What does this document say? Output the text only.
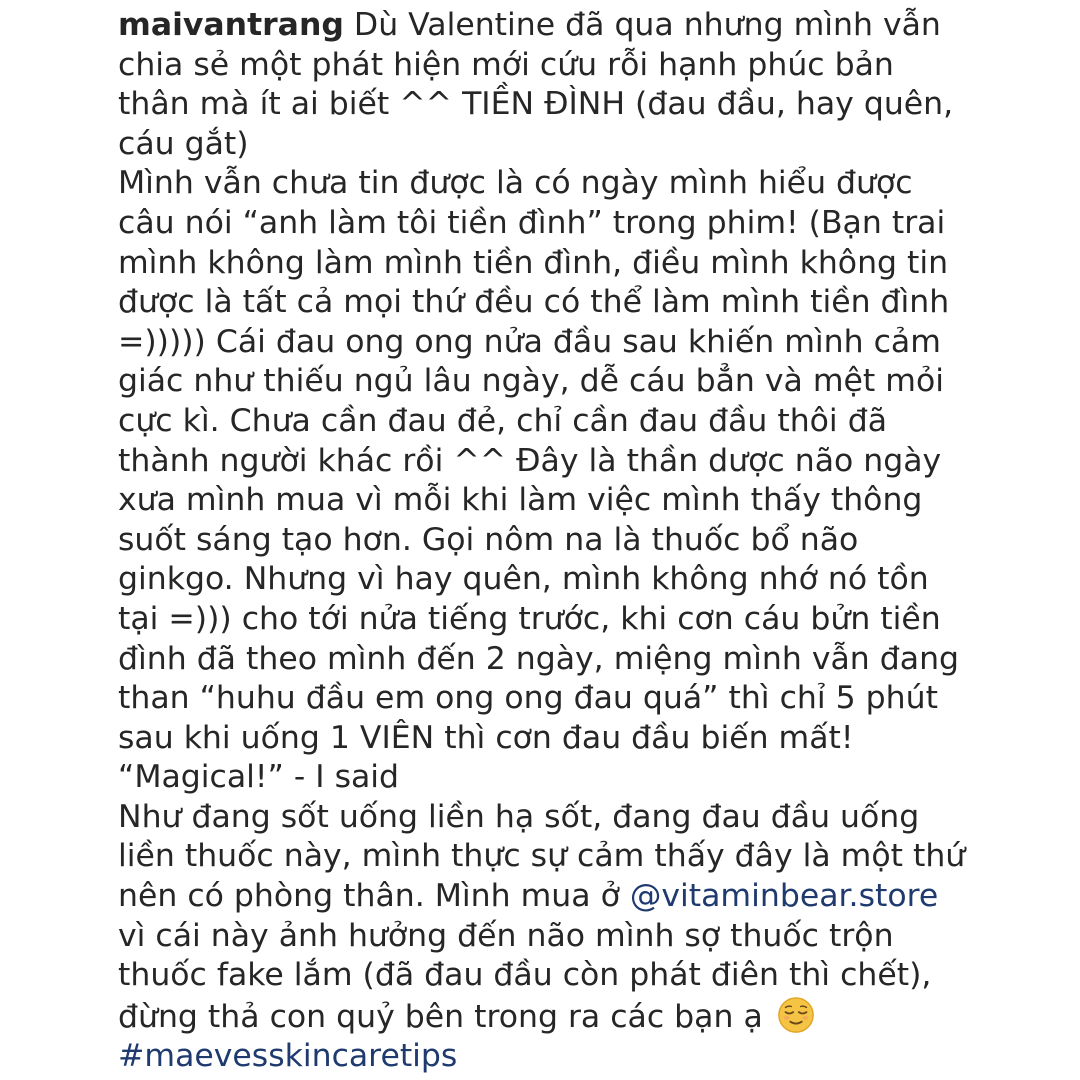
maivantrang Dù Valentine đã qua nhưng mình vẫn
chia sẻ một phát hiện mới cứu rỗi hạnh phúc bản
thân mà ít ai biết ^^ TIỀN ĐÌNH (đau đầu, hay quên,
cáu gắt)
Mình vẫn chưa tin được là có ngày mình hiểu được
câu nói “anh làm tôi tiền đình” trong phim! (Bạn trai
mình không làm mình tiền đình, điều mình không tin
được là tất cả mọi thứ đều có thể làm mình tiền đình
=))))) Cái đau ong ong nửa đầu sau khiến mình cảm
giác như thiếu ngủ lâu ngày, dễ cáu bẳn và mệt mỏi
cực kì. Chưa cần đau đẻ, chỉ cần đau đầu thôi đã
thành người khác rồi ^^ Đây là thần dược não ngày
xưa mình mua vì mỗi khi làm việc mình thấy thông
suốt sáng tạo hơn. Gọi nôm na là thuốc bổ não
ginkgo. Nhưng vì hay quên, mình không nhớ nó tồn
tại =))) cho tới nửa tiếng trước, khi cơn cáu bửn tiền
đình đã theo mình đến 2 ngày, miệng mình vẫn đang
than “huhu đầu em ong ong đau quá” thì chỉ 5 phút
sau khi uống 1 VIÊN thì cơn đau đầu biến mất!
“Magical!” - I said
Như đang sốt uống liền hạ sốt, đang đau đầu uống
liền thuốc này, mình thực sự cảm thấy đây là một thứ
nên có phòng thân. Mình mua ở @vitaminbear.store
vì cái này ảnh hưởng đến não mình sợ thuốc trộn
thuốc fake lắm (đã đau đầu còn phát điên thì chết),
đừng thả con quỷ bên trong ra các bạn ạ
#maevesskincaretips
